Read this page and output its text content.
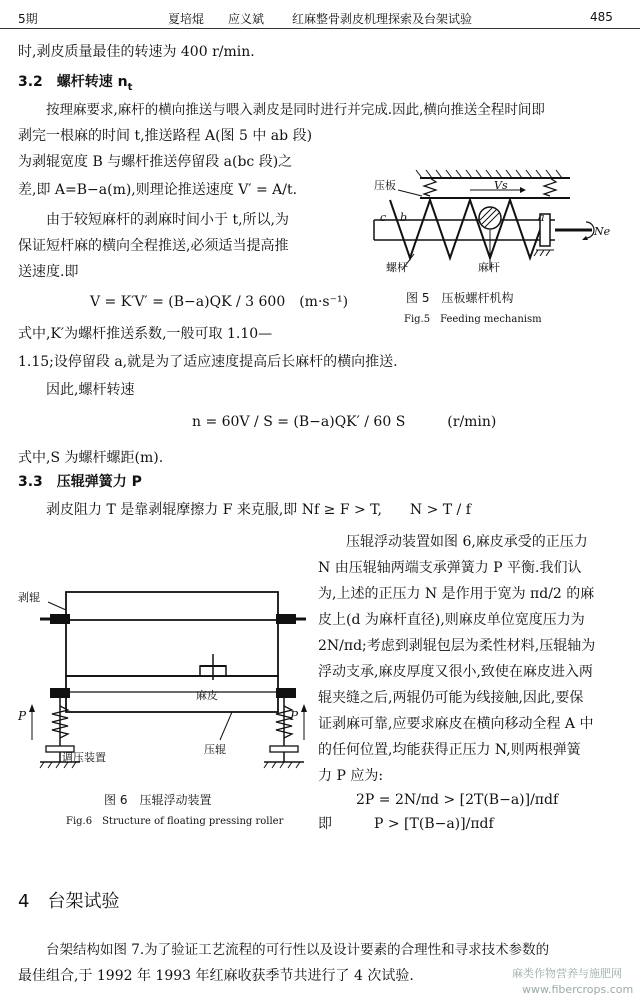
5期	夏培焜　　应义斌 红麻整骨剥皮机理探索及台架试验	485
时,剥皮质量最佳的转速为 400 r/min.
3.2　螺杆转速 $n_t$
按理麻要求,麻杆的横向推送与喂入剥皮是同时进行并完成.因此,横向推送全程时间即
剥完一根麻的时间 t,推送路程 A(图 5 中 ab 段)
为剥辊宽度 B 与螺杆推送停留段 a(bc 段)之
差,即 A=B−a(m),则理论推送速度 V′ = A/t.
由于较短麻杆的剥麻时间小于 t,所以,为
保证短杆麻的横向全程推送,必须适当提高推
送速度.即
V = K′V′ = (B−a)QK / 3 600　(m·s⁻¹)
式中,K′为螺杆推送系数,一般可取 1.10—
1.15;设停留段 a,就是为了适应速度提高后长麻杆的横向推送.
因此,螺杆转速
n = 60V / S = (B−a)QK′ / 60 S　　　(r/min)
式中,S 为螺杆螺距(m).
3.3　压辊弹簧力 P
剥皮阻力 T 是靠剥辊摩擦力 F 来克服,即 Nf ≥ F > T,　　N > T / f
压辊浮动装置如图 6,麻皮承受的正压力
N 由压辊轴两端支承弹簧力 P 平衡.我们认
为,上述的正压力 N 是作用于宽为 πd/2 的麻
皮上(d 为麻杆直径),则麻皮单位宽度压力为
2N/πd;考虑到剥辊包层为柔性材料,压辊轴为
浮动支承,麻皮厚度又很小,致使在麻皮进入两
辊夹缝之后,两辊仍可能为线接触,因此,要保
证剥麻可靠,应要求麻皮在横向移动全程 A 中
的任何位置,均能获得正压力 N,则两根弹簧
力 P 应为:
2P = 2N/πd > [2T(B−a)]/πdf
即	P > [T(B−a)]/πdf
4　台架试验
台架结构如图 7.为了验证工艺流程的可行性以及设计要素的合理性和寻求技术参数的
最佳组合,于 1992 年 1993 年红麻收获季节共进行了 4 次试验.
压板	Vs
c b	a
Ne
螺杆	麻杆
图 5　压板螺杆机构
Fig.5　Feeding mechanism
剥辊
麻皮
P	P
调压装置
压辊
图 6　压辊浮动装置
Fig.6　Structure of floating pressing roller
麻类作物营养与施肥网
www.fibercrops.com
